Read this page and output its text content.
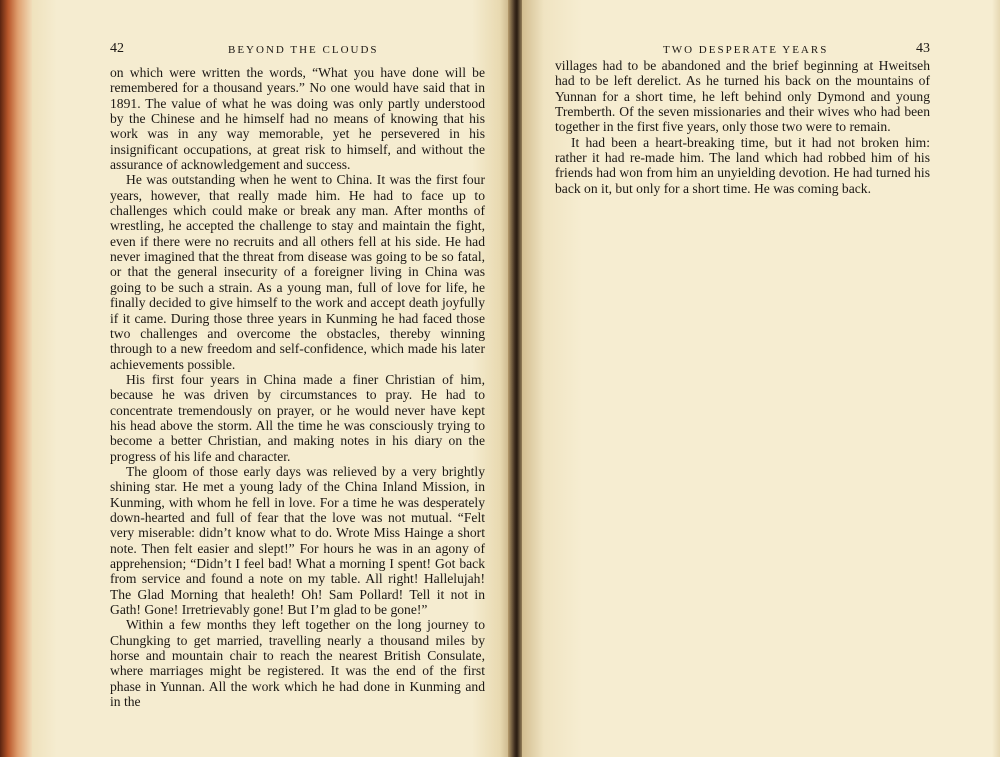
42	BEYOND THE CLOUDS

on which were written the words, “What you have done will be remembered for a thousand years.” No one would have said that in 1891. The value of what he was doing was only partly understood by the Chinese and he himself had no means of knowing that his work was in any way memorable, yet he persevered in his insignificant occupations, at great risk to himself, and without the assurance of acknowledgement and success.

He was outstanding when he went to China. It was the first four years, however, that really made him. He had to face up to challenges which could make or break any man. After months of wrestling, he accepted the challenge to stay and maintain the fight, even if there were no recruits and all others fell at his side. He had never imagined that the threat from disease was going to be so fatal, or that the general insecurity of a foreigner living in China was going to be such a strain. As a young man, full of love for life, he finally decided to give himself to the work and accept death joyfully if it came. During those three years in Kunming he had faced those two challenges and overcome the obstacles, thereby winning through to a new freedom and self-confidence, which made his later achievements possible.

His first four years in China made a finer Christian of him, because he was driven by circumstances to pray. He had to concentrate tremendously on prayer, or he would never have kept his head above the storm. All the time he was consciously trying to become a better Christian, and making notes in his diary on the progress of his life and character.

The gloom of those early days was relieved by a very brightly shining star. He met a young lady of the China Inland Mission, in Kunming, with whom he fell in love. For a time he was desperately down-hearted and full of fear that the love was not mutual. “Felt very miserable: didn’t know what to do. Wrote Miss Hainge a short note. Then felt easier and slept!” For hours he was in an agony of apprehension; “Didn’t I feel bad! What a morning I spent! Got back from service and found a note on my table. All right! Hallelujah! The Glad Morning that healeth! Oh! Sam Pollard! Tell it not in Gath! Gone! Irretrievably gone! But I’m glad to be gone!”

Within a few months they left together on the long journey to Chungking to get married, travelling nearly a thousand miles by horse and mountain chair to reach the nearest British Consulate, where marriages might be registered. It was the end of the first phase in Yunnan. All the work which he had done in Kunming and in the

TWO DESPERATE YEARS	43

villages had to be abandoned and the brief beginning at Hweitseh had to be left derelict. As he turned his back on the mountains of Yunnan for a short time, he left behind only Dymond and young Tremberth. Of the seven missionaries and their wives who had been together in the first five years, only those two were to remain.

It had been a heart-breaking time, but it had not broken him: rather it had re-made him. The land which had robbed him of his friends had won from him an unyielding devotion. He had turned his back on it, but only for a short time. He was coming back.
